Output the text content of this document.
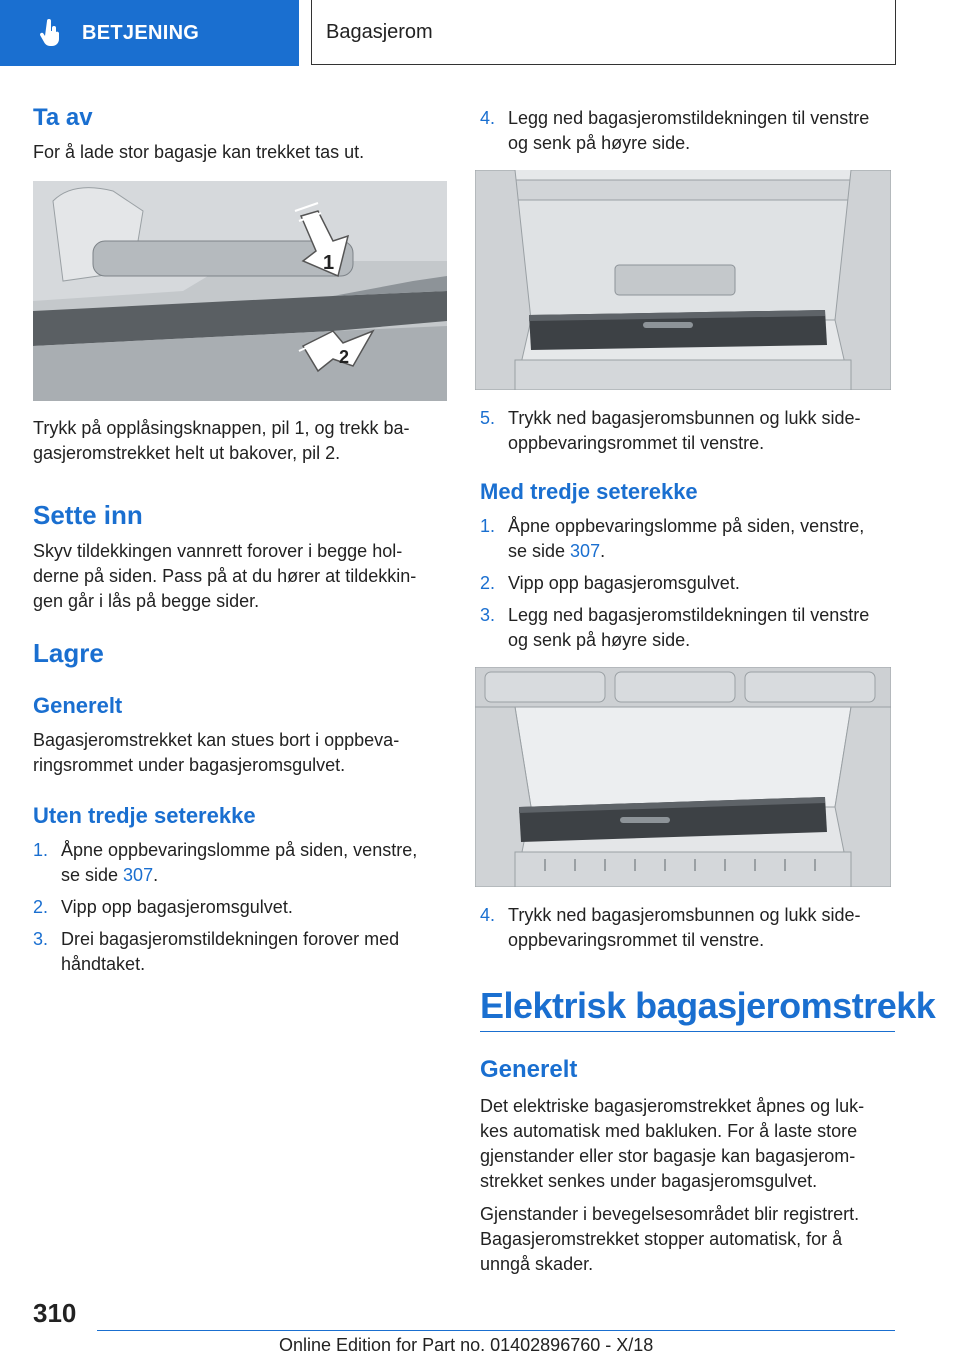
BETJENING	Bagasjerom
Ta av

For å lade stor bagasje kan trekket tas ut.

1
2

Trykk på opplåsingsknappen, pil 1, og trekk ba-

gasjeromstrekket helt ut bakover, pil 2.

Sette inn

Skyv tildekkingen vannrett forover i begge hol-

derne på siden. Pass på at du hører at tildekkin-

gen går i lås på begge sider.

Lagre
Generelt

Bagasjeromstrekket kan stues bort i oppbeva-

ringsrommet under bagasjeromsgulvet.

Uten tredje seterekke
1. Åpne oppbevaringslomme på siden, venstre,
se side 307.
2. Vipp opp bagasjeromsgulvet.
3. Drei bagasjeromstildekningen forover med
håndtaket.
4. Legg ned bagasjeromstildekningen til venstre
og senk på høyre side.
5. Trykk ned bagasjeromsbunnen og lukk side-
oppbevaringsrommet til venstre.
Med tredje seterekke
1. Åpne oppbevaringslomme på siden, venstre,
se side 307.
2. Vipp opp bagasjeromsgulvet.
3. Legg ned bagasjeromstildekningen til venstre
og senk på høyre side.
4. Trykk ned bagasjeromsbunnen og lukk side-
oppbevaringsrommet til venstre.
Elektrisk bagasjeromstrekk
Generelt

Det elektriske bagasjeromstrekket åpnes og luk-

kes automatisk med bakluken. For å laste store

gjenstander eller stor bagasje kan bagasjerom-

strekket senkes under bagasjeromsgulvet.

Gjenstander i bevegelsesområdet blir registrert.

Bagasjeromstrekket stopper automatisk, for å

unngå skader.

310
Online Edition for Part no. 01402896760 - X/18
